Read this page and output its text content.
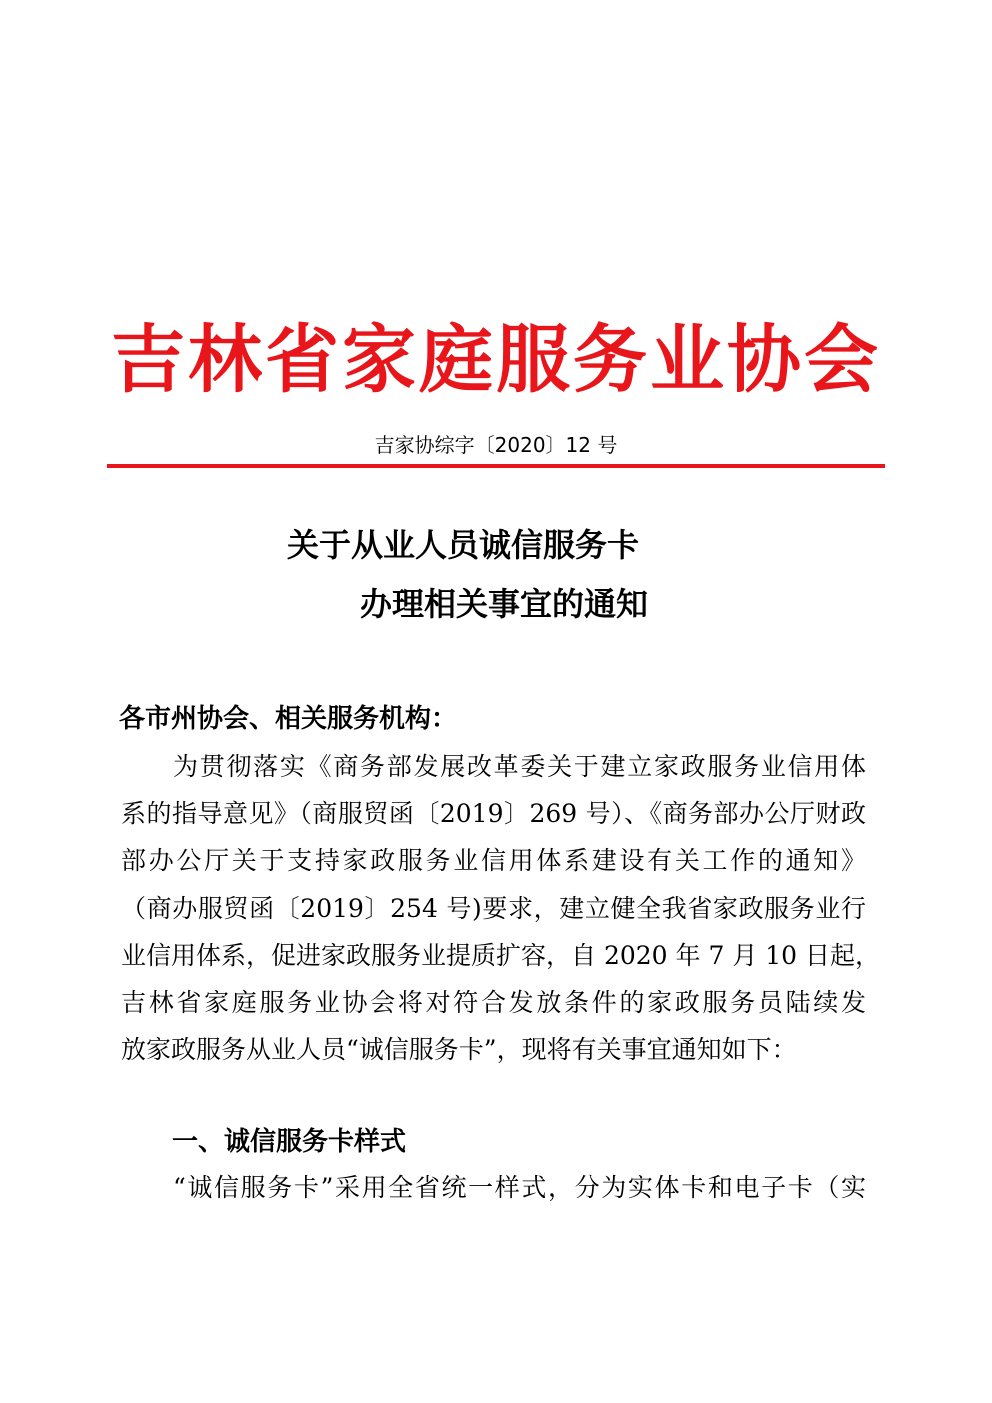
吉林省家庭服务业协会
吉家协综字〔2020〕12 号
关于从业人员诚信服务卡
办理相关事宜的通知
各市州协会、相关服务机构：
为贯彻落实《商务部发展改革委关于建立家政服务业信用体
系的指导意见》（商服贸函〔2019〕269 号）、《商务部办公厅财政
部办公厅关于支持家政服务业信用体系建设有关工作的通知》
（商办服贸函〔2019〕254 号)要求，建立健全我省家政服务业行
业信用体系，促进家政服务业提质扩容，自 2020 年 7 月 10 日起，
吉林省家庭服务业协会将对符合发放条件的家政服务员陆续发
放家政服务从业人员“诚信服务卡”，现将有关事宜通知如下：
一、诚信服务卡样式
“诚信服务卡”采用全省统一样式，分为实体卡和电子卡（实
